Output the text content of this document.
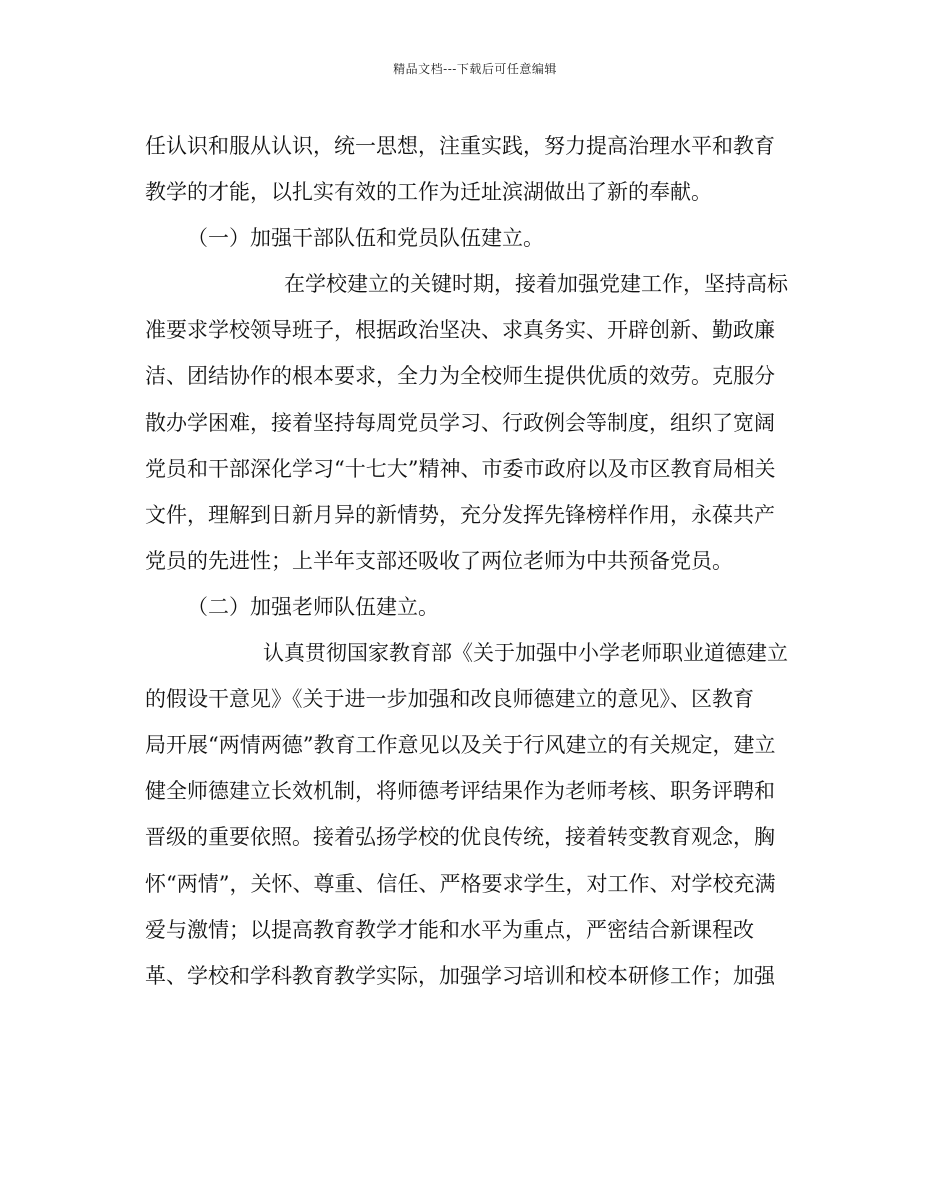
精品文档---下载后可任意编辑
任认识和服从认识，统一思想，注重实践，努力提高治理水平和教育
教学的才能，以扎实有效的工作为迁址滨湖做出了新的奉献。
（一）加强干部队伍和党员队伍建立。
在学校建立的关键时期，接着加强党建工作，坚持高标
准要求学校领导班子，根据政治坚决、求真务实、开辟创新、勤政廉
洁、团结协作的根本要求，全力为全校师生提供优质的效劳。克服分
散办学困难，接着坚持每周党员学习、行政例会等制度，组织了宽阔
党员和干部深化学习“十七大”精神、市委市政府以及市区教育局相关
文件，理解到日新月异的新情势，充分发挥先锋榜样作用，永葆共产
党员的先进性；上半年支部还吸收了两位老师为中共预备党员。
（二）加强老师队伍建立。
认真贯彻国家教育部《关于加强中小学老师职业道德建立
的假设干意见》《关于进一步加强和改良师德建立的意见》、区教育
局开展“两情两德”教育工作意见以及关于行风建立的有关规定，建立
健全师德建立长效机制，将师德考评结果作为老师考核、职务评聘和
晋级的重要依照。接着弘扬学校的优良传统，接着转变教育观念，胸
怀“两情”，关怀、尊重、信任、严格要求学生，对工作、对学校充满
爱与激情；以提高教育教学才能和水平为重点，严密结合新课程改
革、学校和学科教育教学实际，加强学习培训和校本研修工作；加强
